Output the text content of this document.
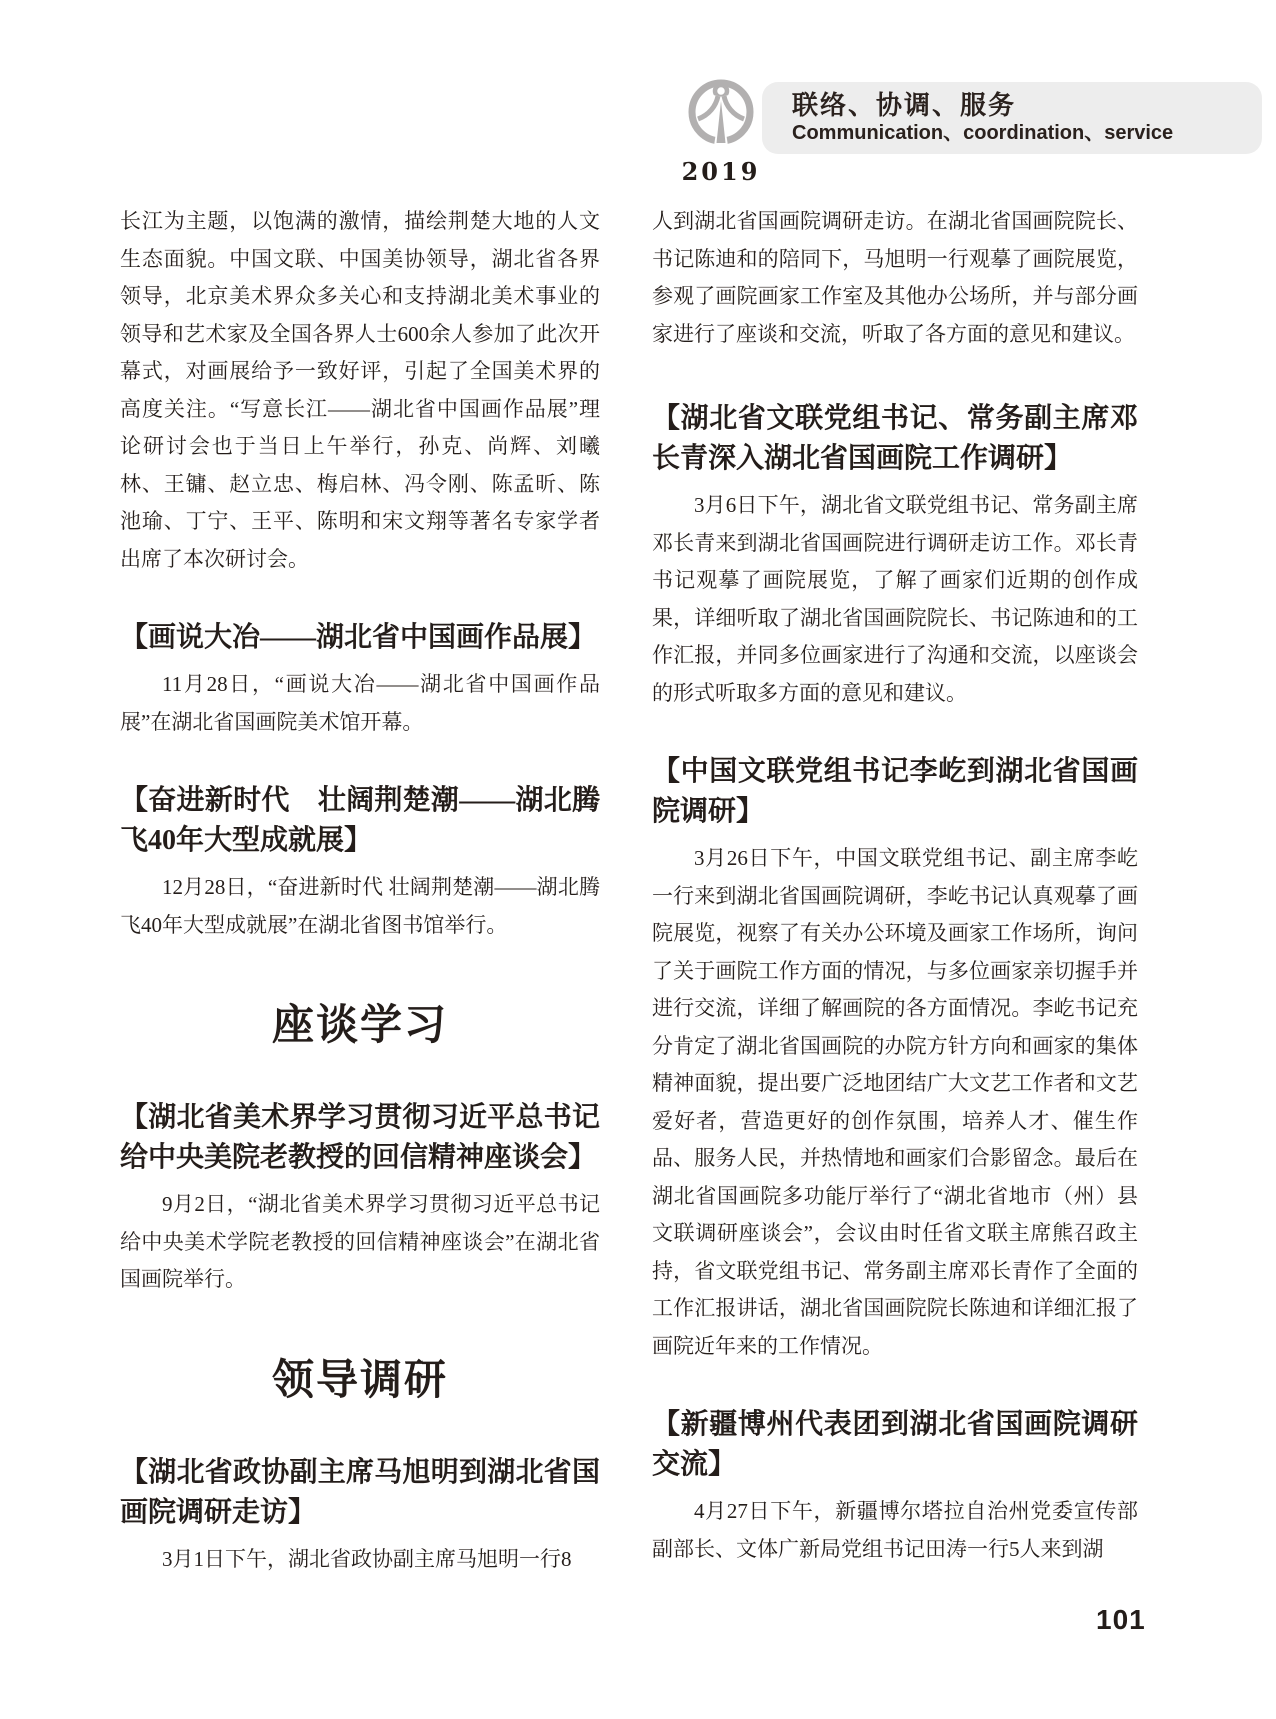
2019
联络、协调、服务
Communication、coordination、service

长江为主题，以饱满的激情，描绘荆楚大地的人文生态面貌。中国文联、中国美协领导，湖北省各界领导，北京美术界众多关心和支持湖北美术事业的领导和艺术家及全国各界人士600余人参加了此次开幕式，对画展给予一致好评，引起了全国美术界的高度关注。“写意长江——湖北省中国画作品展”理论研讨会也于当日上午举行，孙克、尚辉、刘曦林、王镛、赵立忠、梅启林、冯令刚、陈孟昕、陈池瑜、丁宁、王平、陈明和宋文翔等著名专家学者出席了本次研讨会。

【画说大冶——湖北省中国画作品展】

11月28日，“画说大冶——湖北省中国画作品展”在湖北省国画院美术馆开幕。

【奋进新时代　壮阔荆楚潮——湖北腾飞40年大型成就展】

12月28日，“奋进新时代 壮阔荆楚潮——湖北腾飞40年大型成就展”在湖北省图书馆举行。

座谈学习

【湖北省美术界学习贯彻习近平总书记给中央美院老教授的回信精神座谈会】

9月2日，“湖北省美术界学习贯彻习近平总书记给中央美术学院老教授的回信精神座谈会”在湖北省国画院举行。

领导调研

【湖北省政协副主席马旭明到湖北省国画院调研走访】

3月1日下午，湖北省政协副主席马旭明一行8

人到湖北省国画院调研走访。在湖北省国画院院长、书记陈迪和的陪同下，马旭明一行观摹了画院展览，参观了画院画家工作室及其他办公场所，并与部分画家进行了座谈和交流，听取了各方面的意见和建议。

【湖北省文联党组书记、常务副主席邓长青深入湖北省国画院工作调研】

3月6日下午，湖北省文联党组书记、常务副主席邓长青来到湖北省国画院进行调研走访工作。邓长青书记观摹了画院展览，了解了画家们近期的创作成果，详细听取了湖北省国画院院长、书记陈迪和的工作汇报，并同多位画家进行了沟通和交流，以座谈会的形式听取多方面的意见和建议。

【中国文联党组书记李屹到湖北省国画院调研】

3月26日下午，中国文联党组书记、副主席李屹一行来到湖北省国画院调研，李屹书记认真观摹了画院展览，视察了有关办公环境及画家工作场所，询问了关于画院工作方面的情况，与多位画家亲切握手并进行交流，详细了解画院的各方面情况。李屹书记充分肯定了湖北省国画院的办院方针方向和画家的集体精神面貌，提出要广泛地团结广大文艺工作者和文艺爱好者，营造更好的创作氛围，培养人才、催生作品、服务人民，并热情地和画家们合影留念。最后在湖北省国画院多功能厅举行了“湖北省地市（州）县文联调研座谈会”，会议由时任省文联主席熊召政主持，省文联党组书记、常务副主席邓长青作了全面的工作汇报讲话，湖北省国画院院长陈迪和详细汇报了画院近年来的工作情况。

【新疆博州代表团到湖北省国画院调研交流】

4月27日下午，新疆博尔塔拉自治州党委宣传部副部长、文体广新局党组书记田涛一行5人来到湖

101
